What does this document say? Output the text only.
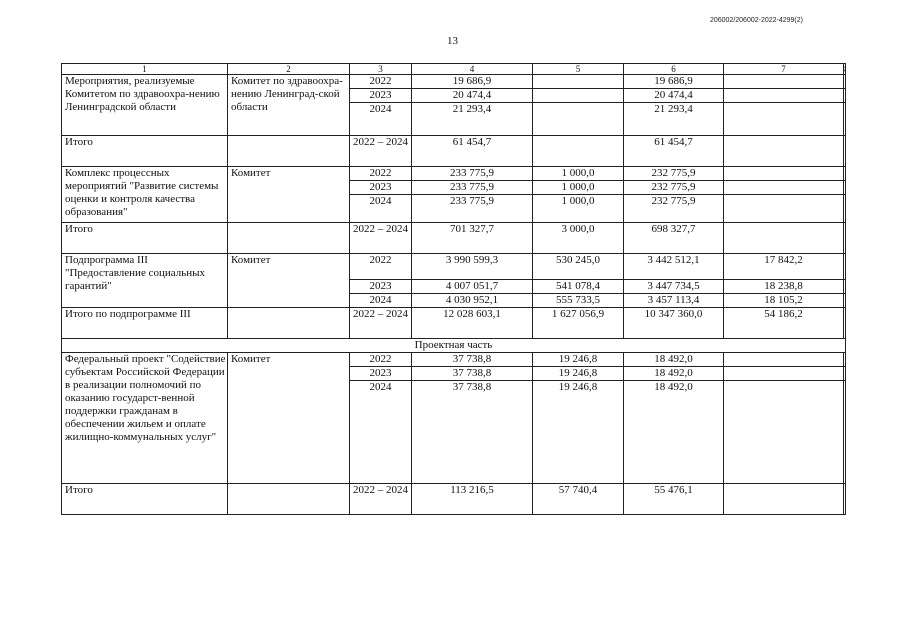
206002/206002-2022-4299(2)
13
1	2	3	4	5	6	7	
Мероприятия, реализуемые Комитетом по здравоохра-нению Ленинградской области	Комитет по здравоохра-нению Ленинград-ской области	2022	19 686,9		19 686,9		
		2023	20 474,4		20 474,4		
		2024	21 293,4		21 293,4		
Итого		2022 – 2024	61 454,7		61 454,7		
Комплекс процессных мероприятий "Развитие системы оценки и контроля качества образования"	Комитет	2022	233 775,9	1 000,0	232 775,9		
		2023	233 775,9	1 000,0	232 775,9		
		2024	233 775,9	1 000,0	232 775,9		
Итого		2022 – 2024	701 327,7	3 000,0	698 327,7		
Подпрограмма III "Предоставление социальных гарантий"	Комитет	2022	3 990 599,3	530 245,0	3 442 512,1	17 842,2	
		2023	4 007 051,7	541 078,4	3 447 734,5	18 238,8	
		2024	4 030 952,1	555 733,5	3 457 113,4	18 105,2	
Итого по подпрограмме III		2022 – 2024	12 028 603,1	1 627 056,9	10 347 360,0	54 186,2	
Проектная часть							
Федеральный проект "Содействие субъектам Российской Федерации в реализации полномочий по оказанию государст-венной поддержки гражданам в обеспечении жильем и оплате жилищно-коммунальных услуг"	Комитет	2022	37 738,8	19 246,8	18 492,0		
		2023	37 738,8	19 246,8	18 492,0		
		2024	37 738,8	19 246,8	18 492,0		
Итого		2022 – 2024	113 216,5	57 740,4	55 476,1		
